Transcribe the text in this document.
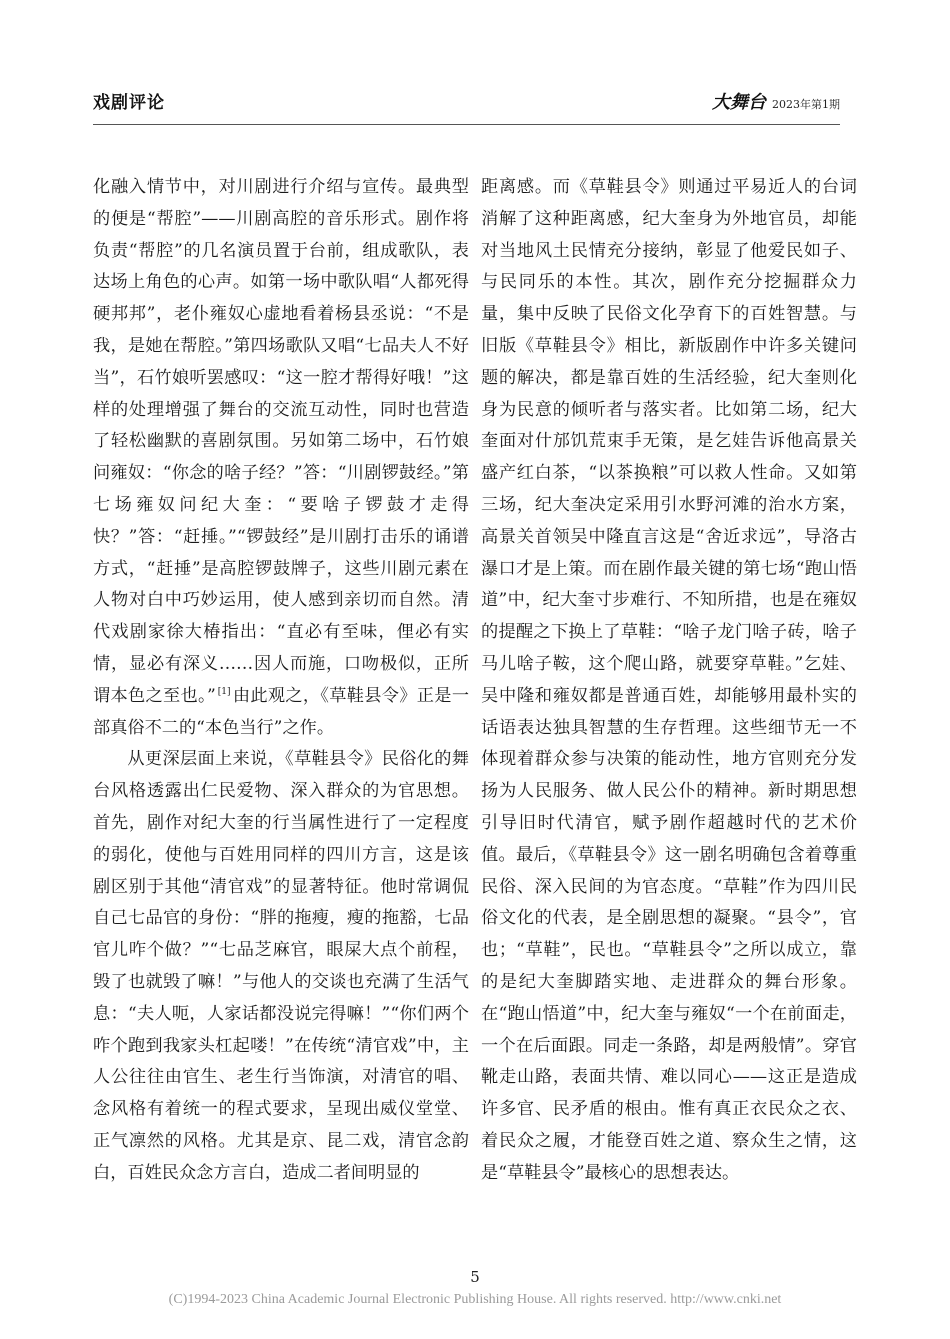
戏剧评论	大舞台 2023年第1期

化融入情节中，对川剧进行介绍与宣传。最典型的便是“帮腔”——川剧高腔的音乐形式。剧作将负责“帮腔”的几名演员置于台前，组成歌队，表达场上角色的心声。如第一场中歌队唱“人都死得硬邦邦”，老仆雍奴心虚地看着杨县丞说：“不是我，是她在帮腔。”第四场歌队又唱“七品夫人不好当”，石竹娘听罢感叹：“这一腔才帮得好哦！”这样的处理增强了舞台的交流互动性，同时也营造了轻松幽默的喜剧氛围。另如第二场中，石竹娘问雍奴：“你念的啥子经？”答：“川剧锣鼓经。”第七场雍奴问纪大奎：“要啥子锣鼓才走得快？”答：“赶捶。”“锣鼓经”是川剧打击乐的诵谱方式，“赶捶”是高腔锣鼓牌子，这些川剧元素在人物对白中巧妙运用，使人感到亲切而自然。清代戏剧家徐大椿指出：“直必有至味，俚必有实情，显必有深义……因人而施，口吻极似，正所谓本色之至也。” [1] 由此观之，《草鞋县令》正是一部真俗不二的“本色当行”之作。

从更深层面上来说，《草鞋县令》民俗化的舞台风格透露出仁民爱物、深入群众的为官思想。首先，剧作对纪大奎的行当属性进行了一定程度的弱化，使他与百姓用同样的四川方言，这是该剧区别于其他“清官戏”的显著特征。他时常调侃自己七品官的身份：“胖的拖瘦，瘦的拖豁，七品官儿咋个做？”“七品芝麻官，眼屎大点个前程，毁了也就毁了嘛！”与他人的交谈也充满了生活气息：“夫人呃，人家话都没说完得嘛！”“你们两个咋个跑到我家头杠起喽！”在传统“清官戏”中，主人公往往由官生、老生行当饰演，对清官的唱、念风格有着统一的程式要求，呈现出威仪堂堂、正气凛然的风格。尤其是京、昆二戏，清官念韵白，百姓民众念方言白，造成二者间明显的

距离感。而《草鞋县令》则通过平易近人的台词消解了这种距离感，纪大奎身为外地官员，却能对当地风土民情充分接纳，彰显了他爱民如子、与民同乐的本性。其次，剧作充分挖掘群众力量，集中反映了民俗文化孕育下的百姓智慧。与旧版《草鞋县令》相比，新版剧作中许多关键问题的解决，都是靠百姓的生活经验，纪大奎则化身为民意的倾听者与落实者。比如第二场，纪大奎面对什邡饥荒束手无策，是乞娃告诉他高景关盛产红白茶，“以茶换粮”可以救人性命。又如第三场，纪大奎决定采用引水野河滩的治水方案，高景关首领吴中隆直言这是“舍近求远”，导洛古瀑口才是上策。而在剧作最关键的第七场“跑山悟道”中，纪大奎寸步难行、不知所措，也是在雍奴的提醒之下换上了草鞋：“啥子龙门啥子砖，啥子马儿啥子鞍，这个爬山路，就要穿草鞋。”乞娃、吴中隆和雍奴都是普通百姓，却能够用最朴实的话语表达独具智慧的生存哲理。这些细节无一不体现着群众参与决策的能动性，地方官则充分发扬为人民服务、做人民公仆的精神。新时期思想引导旧时代清官，赋予剧作超越时代的艺术价值。最后，《草鞋县令》这一剧名明确包含着尊重民俗、深入民间的为官态度。“草鞋”作为四川民俗文化的代表，是全剧思想的凝聚。“县令”，官也；“草鞋”，民也。“草鞋县令”之所以成立，靠的是纪大奎脚踏实地、走进群众的舞台形象。在“跑山悟道”中，纪大奎与雍奴“一个在前面走，一个在后面跟。同走一条路，却是两般情”。穿官靴走山路，表面共情、难以同心——这正是造成许多官、民矛盾的根由。惟有真正衣民众之衣、着民众之履，才能登百姓之道、察众生之情，这是“草鞋县令”最核心的思想表达。

5
(C)1994-2023 China Academic Journal Electronic Publishing House. All rights reserved. http://www.cnki.net
